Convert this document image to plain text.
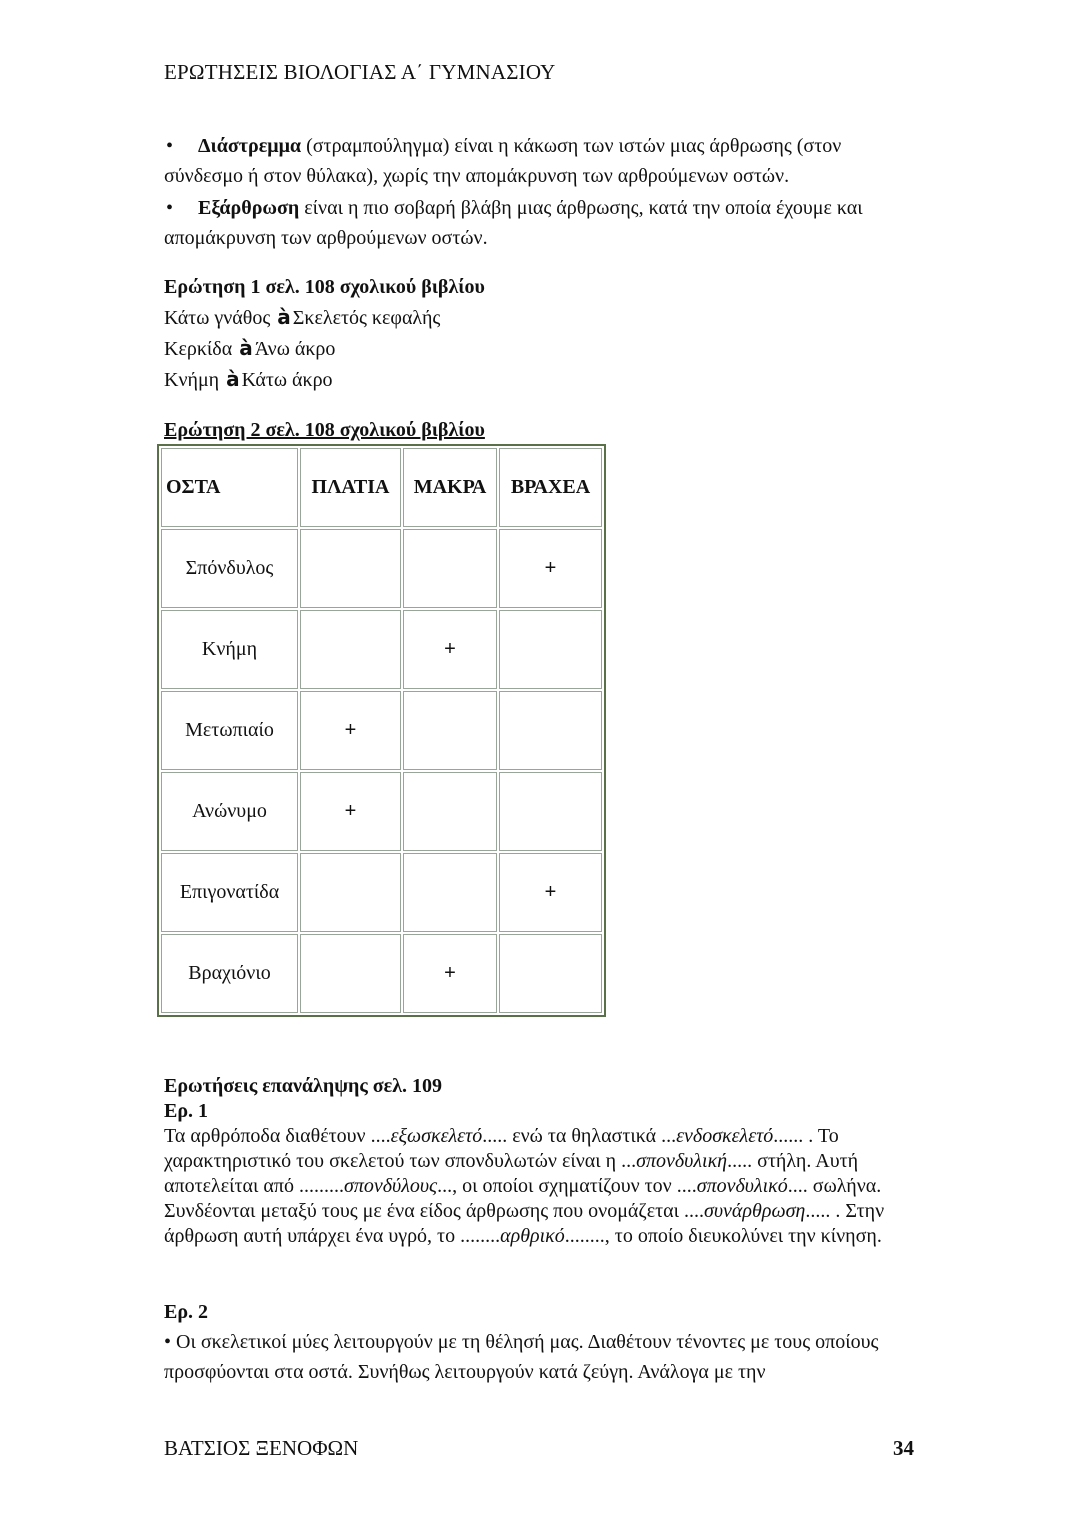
ΕΡΩΤΗΣΕΙΣ ΒΙΟΛΟΓΙΑΣ Α΄ ΓΥΜΝΑΣΙΟΥ
• Διάστρεμμα (στραμπούληγμα) είναι η κάκωση των ιστών μιας άρθρωσης (στον σύνδεσμο ή στον θύλακα), χωρίς την απομάκρυνση των αρθρούμενων οστών.
• Εξάρθρωση είναι η πιο σοβαρή βλάβη μιας άρθρωσης, κατά την οποία έχουμε και απομάκρυνση των αρθρούμενων οστών.
Ερώτηση 1 σελ. 108 σχολικού βιβλίου
Κάτω γνάθος à Σκελετός κεφαλής
Κερκίδα à Άνω άκρο
Κνήμη à Κάτω άκρο
Ερώτηση 2 σελ. 108 σχολικού βιβλίου
ΟΣΤΑ	ΠΛΑΤΙΑ	ΜΑΚΡΑ	ΒΡΑΧΕΑ
Σπόνδυλος			+
Κνήμη		+	
Μετωπιαίο	+		
Ανώνυμο	+		
Επιγονατίδα			+
Βραχιόνιο		+	
Ερωτήσεις επανάληψης σελ. 109
Ερ. 1
Τα αρθρόποδα διαθέτουν ....εξωσκελετό..... ενώ τα θηλαστικά ...ενδοσκελετό...... . Το χαρακτηριστικό του σκελετού των σπονδυλωτών είναι η ...σπονδυλική..... στήλη. Αυτή αποτελείται από .........σπονδύλους..., οι οποίοι σχηματίζουν τον ....σπονδυλικό.... σωλήνα. Συνδέονται μεταξύ τους με ένα είδος άρθρωσης που ονομάζεται ....συνάρθρωση..... . Στην άρθρωση αυτή υπάρχει ένα υγρό, το ........αρθρικό........, το οποίο διευκολύνει την κίνηση.
Ερ. 2
• Οι σκελετικοί μύες λειτουργούν με τη θέλησή μας. Διαθέτουν τένοντες με τους οποίους προσφύονται στα οστά. Συνήθως λειτουργούν κατά ζεύγη. Ανάλογα με την
ΒΑΤΣΙΟΣ ΞΕΝΟΦΩΝ	34
